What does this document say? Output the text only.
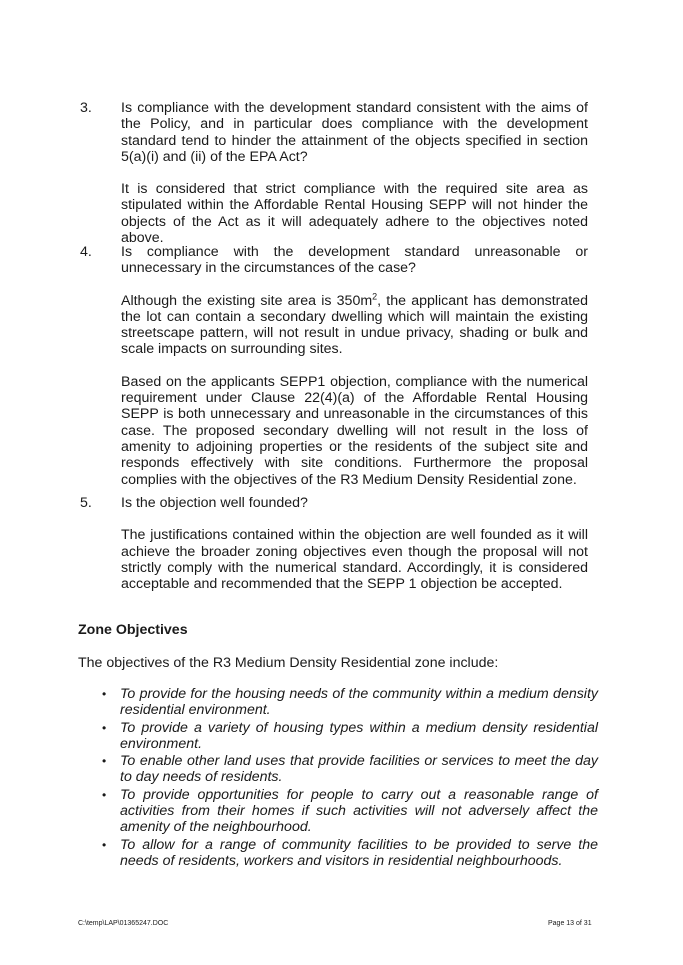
3. Is compliance with the development standard consistent with the aims of the Policy, and in particular does compliance with the development standard tend to hinder the attainment of the objects specified in section 5(a)(i) and (ii) of the EPA Act?

It is considered that strict compliance with the required site area as stipulated within the Affordable Rental Housing SEPP will not hinder the objects of the Act as it will adequately adhere to the objectives noted above.

4. Is compliance with the development standard unreasonable or unnecessary in the circumstances of the case?

Although the existing site area is $350m^2$, the applicant has demonstrated the lot can contain a secondary dwelling which will maintain the existing streetscape pattern, will not result in undue privacy, shading or bulk and scale impacts on surrounding sites.

Based on the applicants SEPP1 objection, compliance with the numerical requirement under Clause 22(4)(a) of the Affordable Rental Housing SEPP is both unnecessary and unreasonable in the circumstances of this case. The proposed secondary dwelling will not result in the loss of amenity to adjoining properties or the residents of the subject site and responds effectively with site conditions. Furthermore the proposal complies with the objectives of the R3 Medium Density Residential zone.

5. Is the objection well founded?

The justifications contained within the objection are well founded as it will achieve the broader zoning objectives even though the proposal will not strictly comply with the numerical standard. Accordingly, it is considered acceptable and recommended that the SEPP 1 objection be accepted.

Zone Objectives

The objectives of the R3 Medium Density Residential zone include:

• To provide for the housing needs of the community within a medium density residential environment.
• To provide a variety of housing types within a medium density residential environment.
• To enable other land uses that provide facilities or services to meet the day to day needs of residents.
• To provide opportunities for people to carry out a reasonable range of activities from their homes if such activities will not adversely affect the amenity of the neighbourhood.
• To allow for a range of community facilities to be provided to serve the needs of residents, workers and visitors in residential neighbourhoods.
C:\temp\LAP\01365247.DOC	Page 13 of 31
